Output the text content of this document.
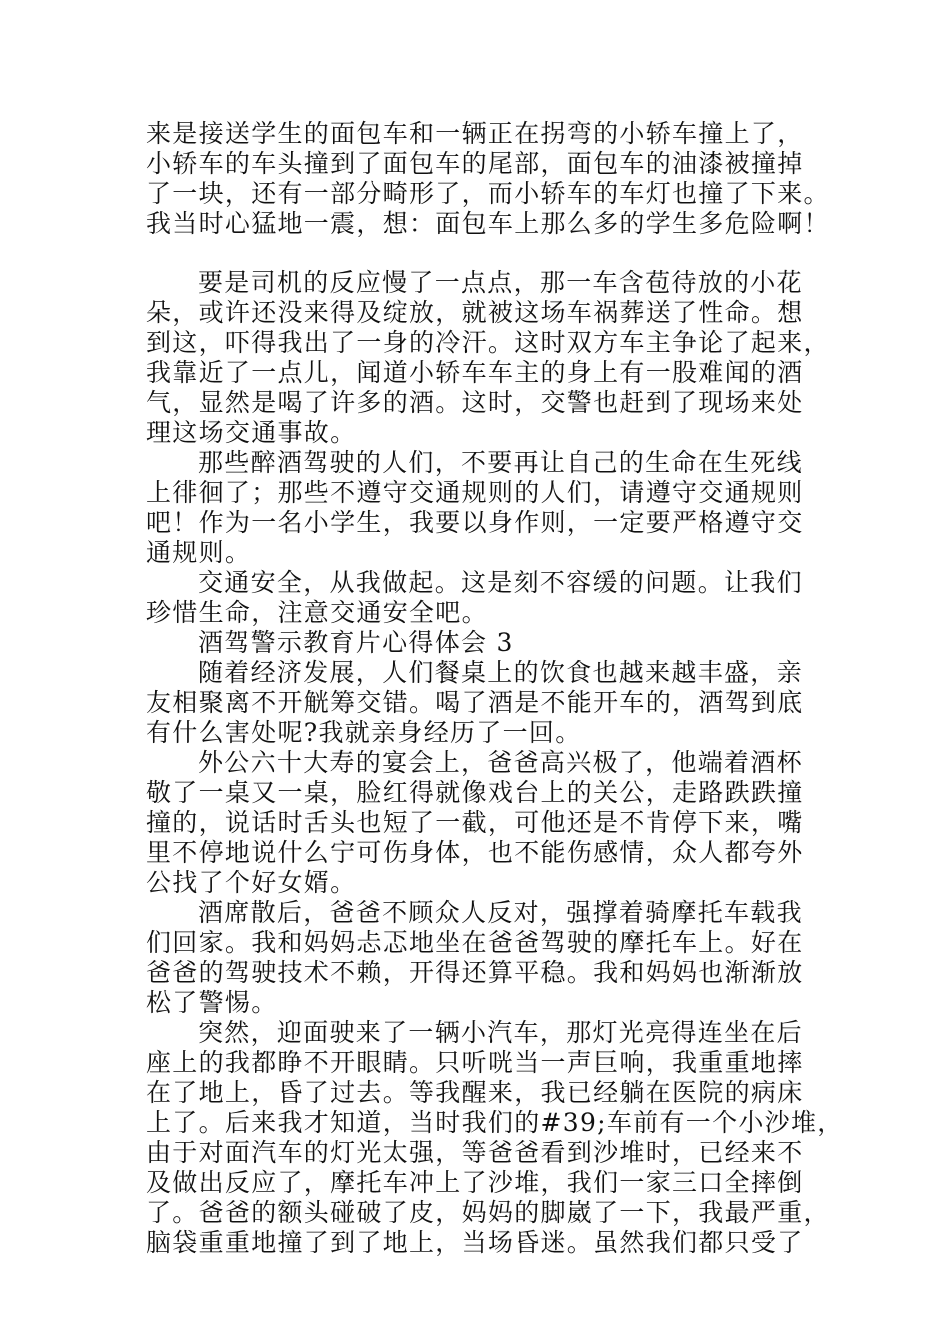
来是接送学生的面包车和一辆正在拐弯的小轿车撞上了，
小轿车的车头撞到了面包车的尾部，面包车的油漆被撞掉
了一块，还有一部分畸形了，而小轿车的车灯也撞了下来。
我当时心猛地一震，想：面包车上那么多的学生多危险啊！
要是司机的反应慢了一点点，那一车含苞待放的小花
朵，或许还没来得及绽放，就被这场车祸葬送了性命。想
到这，吓得我出了一身的冷汗。这时双方车主争论了起来，
我靠近了一点儿，闻道小轿车车主的身上有一股难闻的酒
气，显然是喝了许多的酒。这时，交警也赶到了现场来处
理这场交通事故。
那些醉酒驾驶的人们，不要再让自己的生命在生死线
上徘徊了；那些不遵守交通规则的人们，请遵守交通规则
吧！作为一名小学生，我要以身作则，一定要严格遵守交
通规则。
交通安全，从我做起。这是刻不容缓的问题。让我们
珍惜生命，注意交通安全吧。
酒驾警示教育片心得体会 3
随着经济发展，人们餐桌上的饮食也越来越丰盛，亲
友相聚离不开觥筹交错。喝了酒是不能开车的，酒驾到底
有什么害处呢?我就亲身经历了一回。
外公六十大寿的宴会上，爸爸高兴极了，他端着酒杯
敬了一桌又一桌，脸红得就像戏台上的关公，走路跌跌撞
撞的，说话时舌头也短了一截，可他还是不肯停下来，嘴
里不停地说什么宁可伤身体，也不能伤感情，众人都夸外
公找了个好女婿。
酒席散后，爸爸不顾众人反对，强撑着骑摩托车载我
们回家。我和妈妈忐忑地坐在爸爸驾驶的摩托车上。好在
爸爸的驾驶技术不赖，开得还算平稳。我和妈妈也渐渐放
松了警惕。
突然，迎面驶来了一辆小汽车，那灯光亮得连坐在后
座上的我都睁不开眼睛。只听咣当一声巨响，我重重地摔
在了地上，昏了过去。等我醒来，我已经躺在医院的病床
上了。后来我才知道，当时我们的#39;车前有一个小沙堆，
由于对面汽车的灯光太强，等爸爸看到沙堆时，已经来不
及做出反应了，摩托车冲上了沙堆，我们一家三口全摔倒
了。爸爸的额头碰破了皮，妈妈的脚崴了一下，我最严重，
脑袋重重地撞了到了地上，当场昏迷。虽然我们都只受了
